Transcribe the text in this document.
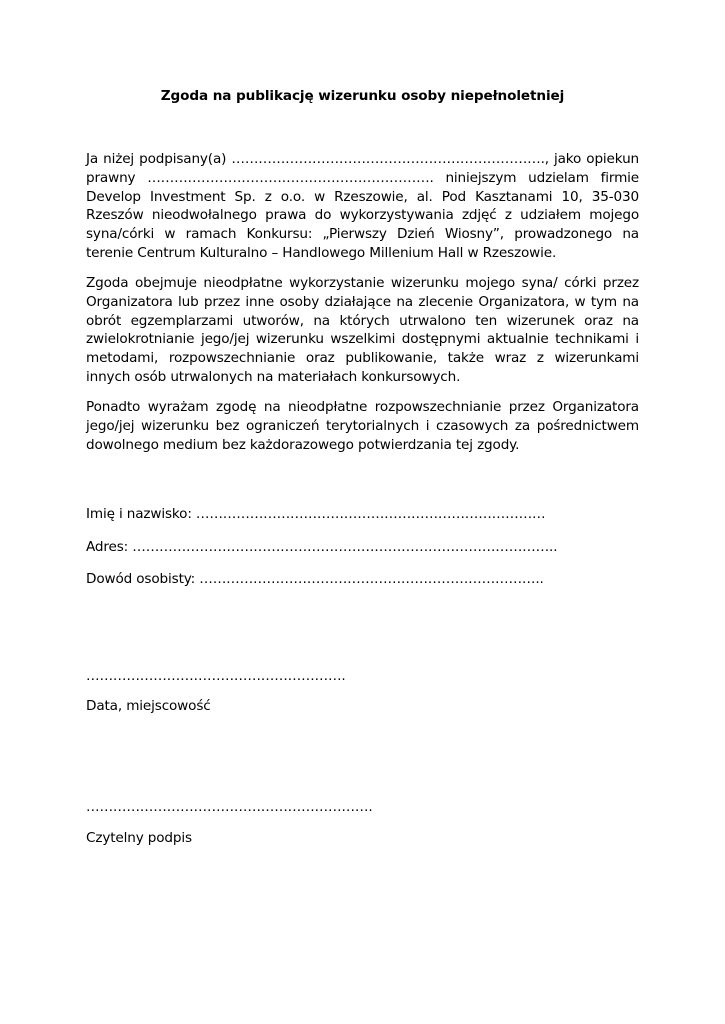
Zgoda na publikację wizerunku osoby niepełnoletniej

Ja niżej podpisany(a) ……………………………………………………………., jako opiekun prawny ………………………………………………………. niniejszym udzielam firmie Develop Investment Sp. z o.o. w Rzeszowie, al. Pod Kasztanami 10, 35-030 Rzeszów nieodwołalnego prawa do wykorzystywania zdjęć z udziałem mojego syna/córki w ramach Konkursu: „Pierwszy Dzień Wiosny”, prowadzonego na terenie Centrum Kulturalno – Handlowego Millenium Hall w Rzeszowie.

Zgoda obejmuje nieodpłatne wykorzystanie wizerunku mojego syna/ córki przez Organizatora lub przez inne osoby działające na zlecenie Organizatora, w tym na obrót egzemplarzami utworów, na których utrwalono ten wizerunek oraz na zwielokrotnianie jego/jej wizerunku wszelkimi dostępnymi aktualnie technikami i metodami, rozpowszechnianie oraz publikowanie, także wraz z wizerunkami innych osób utrwalonych na materiałach konkursowych.

Ponadto wyrażam zgodę na nieodpłatne rozpowszechnianie przez Organizatora jego/jej wizerunku bez ograniczeń terytorialnych i czasowych za pośrednictwem dowolnego medium bez każdorazowego potwierdzania tej zgody.

Imię i nazwisko: ……………………………………………………………………
Adres: …………………………………………………………………………………..
Dowód osobisty: …………………………………………………………………..
………………………………………………….
Data, miejscowość
……………………………………………………….
Czytelny podpis
